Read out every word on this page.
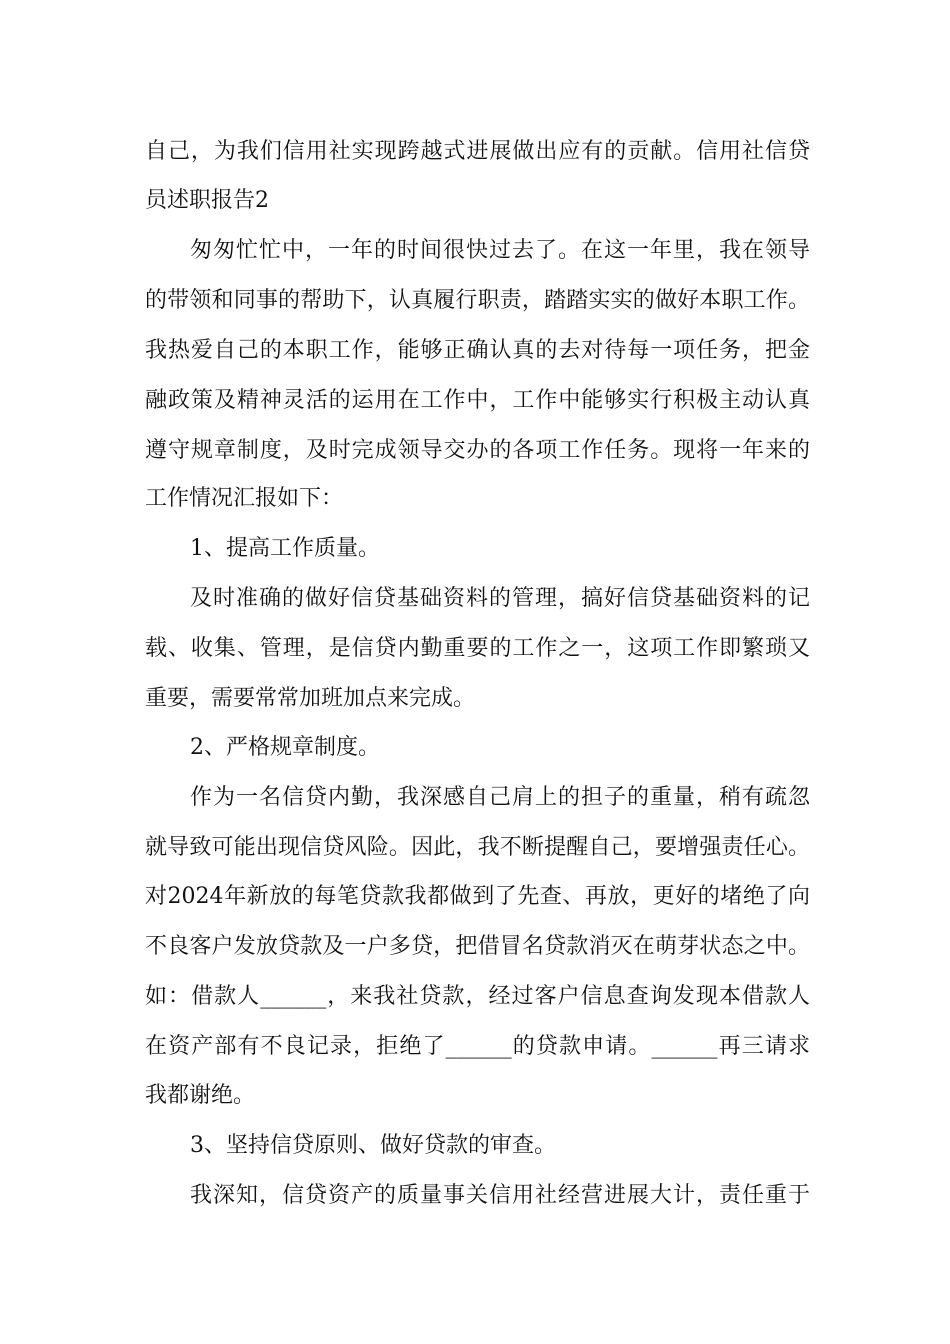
自己，为我们信用社实现跨越式进展做出应有的贡献。信用社信贷
员述职报告2
匆匆忙忙中，一年的时间很快过去了。在这一年里，我在领导
的带领和同事的帮助下，认真履行职责，踏踏实实的做好本职工作。
我热爱自己的本职工作，能够正确认真的去对待每一项任务，把金
融政策及精神灵活的运用在工作中，工作中能够实行积极主动认真
遵守规章制度，及时完成领导交办的各项工作任务。现将一年来的
工作情况汇报如下：
1、提高工作质量。
及时准确的做好信贷基础资料的管理，搞好信贷基础资料的记
载、收集、管理，是信贷内勤重要的工作之一，这项工作即繁琐又
重要，需要常常加班加点来完成。
2、严格规章制度。
作为一名信贷内勤，我深感自己肩上的担子的重量，稍有疏忽
就导致可能出现信贷风险。因此，我不断提醒自己，要增强责任心。
对2024年新放的每笔贷款我都做到了先查、再放，更好的堵绝了向
不良客户发放贷款及一户多贷，把借冒名贷款消灭在萌芽状态之中。
如：借款人______，来我社贷款，经过客户信息查询发现本借款人
在资产部有不良记录，拒绝了______的贷款申请。______再三请求
我都谢绝。
3、坚持信贷原则、做好贷款的审查。
我深知，信贷资产的质量事关信用社经营进展大计，责任重于
